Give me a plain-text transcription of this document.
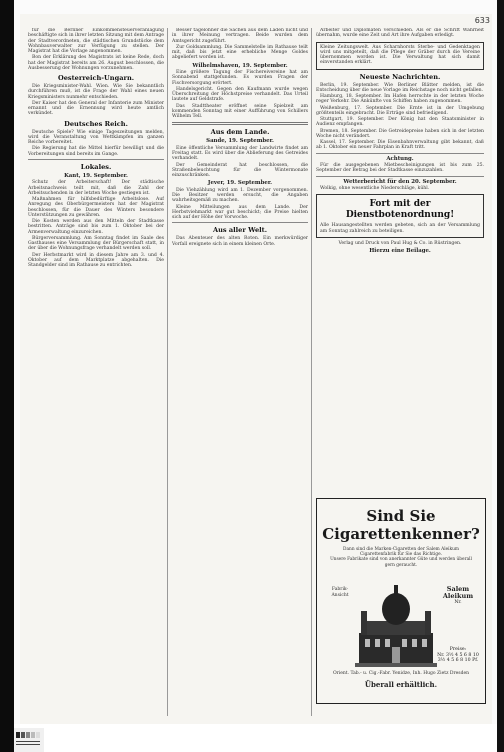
633

für die Berliner Einkommensteuerveranlagung beschäftigte sich in ihrer letzten Sitzung mit dem Antrage der Stadtverordneten, die städtischen Grundstücke dem Wohnbauverwalter zur Verfügung zu stellen. Der Magistrat hat die Vorlage angenommen.

Bon der Erklärung des Magistrats ist keine Rede, doch hat der Magistrat bereits am 26. August beschlossen, die Ausbesserung der Wohnungen vorzunehmen.

Oesterreich-Ungarn.

Die Kriegsminister-Wahl. Wien. Wie Sie bekanntlich durchführen muß, ist die Frage der Wahl eines neuen Kriegsministers nunmehr entschieden.

Der Kaiser hat den General der Infanterie zum Minister ernannt und die Ernennung wird heute amtlich verkündet.

Deutsches Reich.

Deutsche Spiele? Wie einige Tageszeitungen melden, wird die Veranstaltung von Wettkämpfen im ganzen Reiche vorbereitet.

Die Regierung hat die Mittel hierfür bewilligt und die Vorbereitungen sind bereits im Gange.

Lokales.
Kant, 19. September.

Schutz der Arbeiterschaft! Der städtische Arbeitsnachweis teilt mit, daß die Zahl der Arbeitsuchenden in der letzten Woche gestiegen ist.

Maßnahmen für hilfsbedürftige Arbeitslose. Auf Anregung des Oberbürgermeisters hat der Magistrat beschlossen, für die Dauer des Winters besondere Unterstützungen zu gewähren.

Die Kosten werden aus den Mitteln der Stadtkasse bestritten. Anträge sind bis zum 1. Oktober bei der Armenverwaltung einzureichen.

Bürgerversammlung. Am Sonntag findet im Saale des Gasthauses eine Versammlung der Bürgerschaft statt, in der über die Wohnungsfrage verhandelt werden soll.

Der Herbstmarkt wird in diesem Jahre am 3. und 4. Oktober auf dem Marktplatze abgehalten. Die Standgelder sind im Rathause zu entrichten.

Besser tagelöhner die Sachen aus dem Laden nicht und in ihrer Meinung vertragen. Beide wurden dem Amtsgericht zugeführt.

Zur Goldsammlung. Die Sammelstelle im Rathause teilt mit, daß bis jetzt eine erhebliche Menge Goldes abgeliefert worden ist.

Wilhelmshaven, 19. September.

Eine größere Tagung der Fischereivereine hat am Sonnabend stattgefunden. Es wurden Fragen der Fischversorgung erörtert.

Handelsgericht. Gegen den Kaufmann wurde wegen Überschreitung der Höchstpreise verhandelt. Das Urteil lautete auf Geldstrafe.

Das Stadttheater eröffnet seine Spielzeit am kommenden Sonntag mit einer Aufführung von Schillers Wilhelm Tell.

Aus dem Lande.
Sande, 19. September.

Eine öffentliche Versammlung der Landwirte findet am Freitag statt. Es wird über die Ablieferung des Getreides verhandelt.

Der Gemeinderat hat beschlossen, die Straßenbeleuchtung für die Wintermonate einzuschränken.

Jever, 19. September.

Die Viehzählung wird am 1. Dezember vorgenommen. Die Besitzer werden ersucht, die Angaben wahrheitsgemäß zu machen.

Kleine Mitteilungen aus dem Lande. Der Herbstviehmarkt war gut beschickt; die Preise hielten sich auf der Höhe der Vorwoche.

Aus aller Welt.

Das Abenteuer des alten Roten. Ein merkwürdiger Vorfall ereignete sich in einem kleinen Orte.

Arbeiter und Diplomaten verschieden. Als er die Schrift Wahrheit übernahm, wurde eine Zeit und Art ihre Aufgaben erledigt.

Kleine Zeitungswelt. Aus Scharnhorsts Sterbe- und Gedenktagen wird uns mitgeteilt, daß die Pflege der Gräber durch die Vereine übernommen worden ist. Die Verwaltung hat sich damit einverstanden erklärt.

Neueste Nachrichten.

Berlin, 19. September. Wie Berliner Blätter melden, ist die Entscheidung über die neue Vorlage im Reichstage noch nicht gefallen.

Hamburg, 18. September. Im Hafen herrschte in der letzten Woche reger Verkehr. Die Ankünfte von Schiffen haben zugenommen.

Weißenburg, 17. September. Die Ernte ist in der Umgebung größtenteils eingebracht. Die Erträge sind befriedigend.

Stuttgart, 19. September. Der König hat den Staatsminister in Audienz empfangen.

Bremen, 18. September. Die Getreidepreise haben sich in der letzten Woche nicht verändert.

Kassel, 17. September. Die Eisenbahnverwaltung gibt bekannt, daß ab 1. Oktober ein neuer Fahrplan in Kraft tritt.

Achtung.

Für die ausgegebenen Mietbescheinigungen ist bis zum 25. September der Betrag bei der Stadtkasse einzuzahlen.

Wetterbericht für den 20. September.

Wolkig, ohne wesentliche Niederschläge, kühl.

Fort mit der Dienstbotenordnung!

Alle Hausangestellten werden gebeten, sich an der Versammlung am Sonntag zahlreich zu beteiligen.

Verlag und Druck von Paul Hug & Co. in Rüstringen.

Hierzu eine Beilage.
Sind Sie Cigarettenkenner?
Dann sind die Marken-Cigaretten der Salem Aleikum Cigarettenfabrik für Sie das Richtige.
Unsere Fabrikate sind von anerkannter Güte und werden überall gern geraucht.
Fabrik-Ansicht
Salem Aleikum
Nr.
Preise:
Nr. 3½ 4 5 6 8 10
3½ 4 5 6 8 10 Pf.
Orient. Tab.- u. Cig.-Fabr. Yenidze, Inh. Hugo Zietz Dresden
Überall erhältlich.
